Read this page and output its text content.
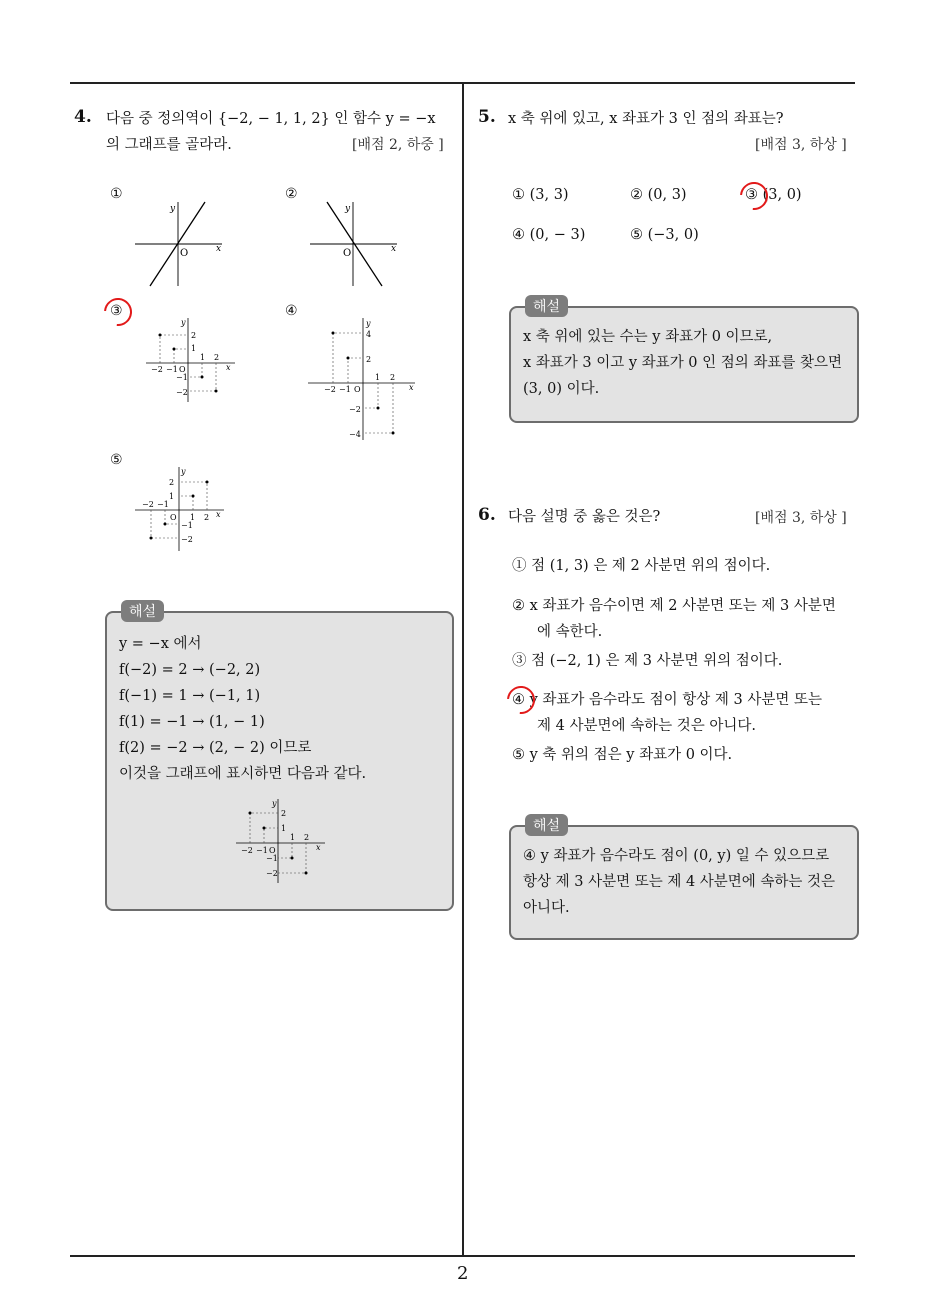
4. 다음 중 정의역이 {−2, − 1, 1, 2} 인 함수 y = −x
의 그래프를 골라라.	[배점 2, 하중 ]
①	②
③	④
⑤
y
x
O
y
x
O
y
x
O
−2 −1
1 2
2
1
−1
−2
y
x
O
−2 −1
1 2
4
2
−2
−4
y
x
O
−2 −1
1 2
2
1
−1
−2
해설
y = −x 에서
f(−2) = 2 → (−2, 2)
f(−1) = 1 → (−1, 1)
f(1) = −1 → (1, − 1)
f(2) = −2 → (2, − 2) 이므로
이것을 그래프에 표시하면 다음과 같다.
y
x
O
−2 −1
1 2
2
1
−1
−2
5. x 축 위에 있고, x 좌표가 3 인 점의 좌표는?
[배점 3, 하상 ]
① (3, 3)	② (0, 3)	③ (3, 0)
④ (0, − 3)	⑤ (−3, 0)
해설
x 축 위에 있는 수는 y 좌표가 0 이므로,
x 좌표가 3 이고 y 좌표가 0 인 점의 좌표를 찾으면
(3, 0) 이다.
6. 다음 설명 중 옳은 것은?	[배점 3, 하상 ]
① 점 (1, 3) 은 제 2 사분면 위의 점이다.
② x 좌표가 음수이면 제 2 사분면 또는 제 3 사분면
에 속한다.
③ 점 (−2, 1) 은 제 3 사분면 위의 점이다.
④ y 좌표가 음수라도 점이 항상 제 3 사분면 또는
제 4 사분면에 속하는 것은 아니다.
⑤ y 축 위의 점은 y 좌표가 0 이다.
해설
④ y 좌표가 음수라도 점이 (0, y) 일 수 있으므로
항상 제 3 사분면 또는 제 4 사분면에 속하는 것은
아니다.
2
